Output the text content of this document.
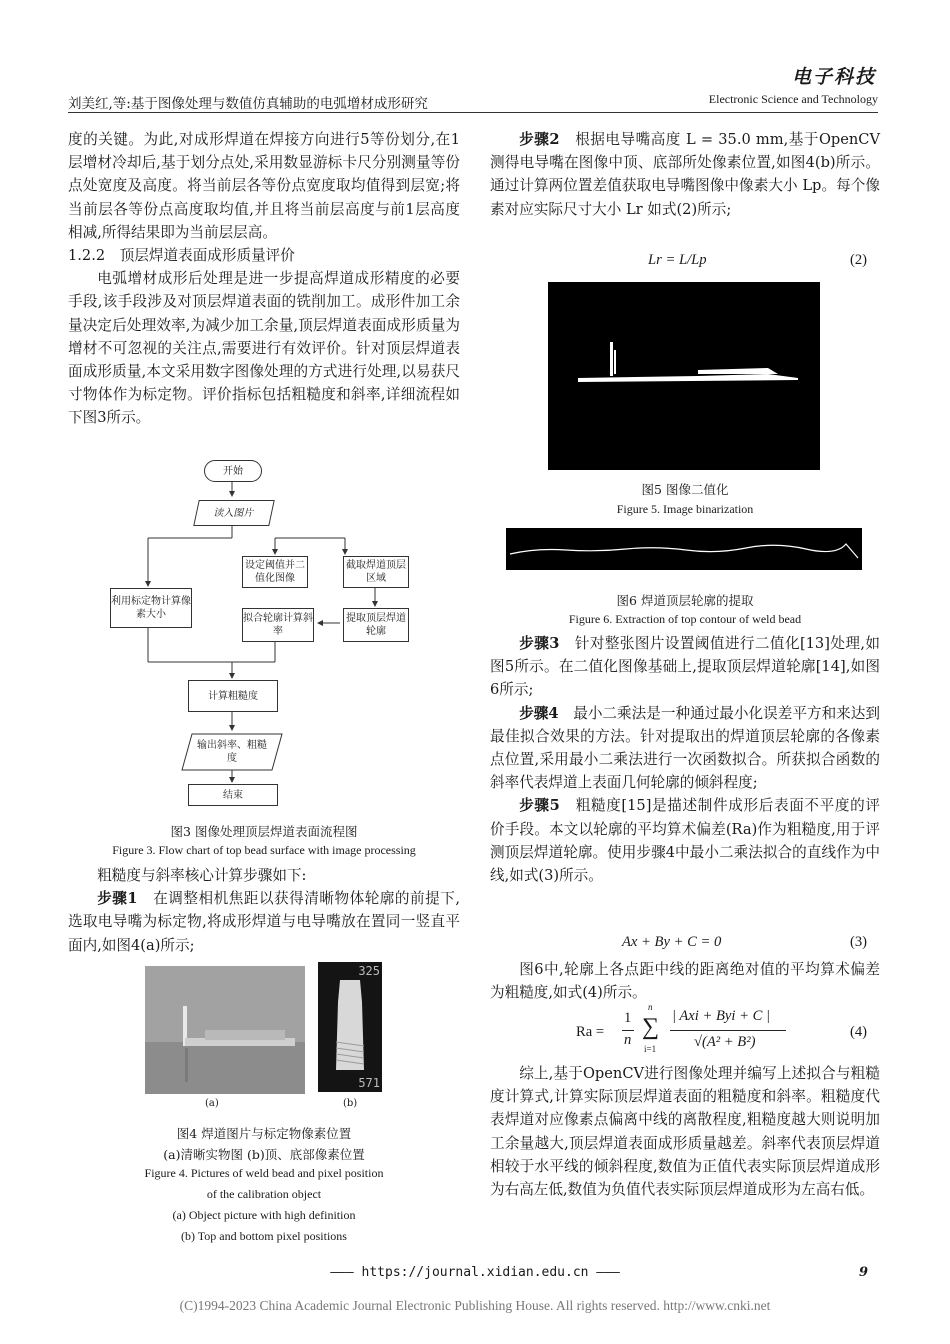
电子科技
刘美红,等:基于图像处理与数值仿真辅助的电弧增材成形研究	Electronic Science and Technology

度的关键。为此,对成形焊道在焊接方向进行5等份划分,在1层增材冷却后,基于划分点处,采用数显游标卡尺分别测量等份点处宽度及高度。将当前层各等份点宽度取均值得到层宽;将当前层各等份点高度取均值,并且将当前层高度与前1层高度相减,所得结果即为当前层层高。

1.2.2　顶层焊道表面成形质量评价

电弧增材成形后处理是进一步提高焊道成形精度的必要手段,该手段涉及对顶层焊道表面的铣削加工。成形件加工余量决定后处理效率,为减少加工余量,顶层焊道表面成形质量为增材不可忽视的关注点,需要进行有效评价。针对顶层焊道表面成形质量,本文采用数字图像处理的方式进行处理,以易获尺寸物体作为标定物。评价指标包括粗糙度和斜率,详细流程如下图3所示。

开始
读入图片
设定阈值并二值化图像
截取焊道顶层区域
利用标定物计算像素大小	拟合轮廓计算斜率
提取顶层焊道轮廓
计算粗糙度
输出斜率、粗糙度
结束
图3 图像处理顶层焊道表面流程图
Figure 3. Flow chart of top bead surface with image processing

粗糙度与斜率核心计算步骤如下:

步骤1　 在调整相机焦距以获得清晰物体轮廓的前提下,选取电导嘴为标定物,将成形焊道与电导嘴放在置同一竖直平面内,如图4(a)所示;

325
571
(a)	(b)
图4 焊道图片与标定物像素位置
(a)清晰实物图 (b)顶、底部像素位置
Figure 4. Pictures of weld bead and pixel position
of the calibration object
(a) Object picture with high definition
(b) Top and bottom pixel positions

步骤2　 根据电导嘴高度 L = 35.0 mm,基于OpenCV测得电导嘴在图像中顶、底部所处像素位置,如图4(b)所示。通过计算两位置差值获取电导嘴图像中像素大小 Lp。每个像素对应实际尺寸大小 Lr 如式(2)所示;

Lr = L/Lp	(2)
图5 图像二值化
Figure 5. Image binarization
图6 焊道顶层轮廓的提取
Figure 6. Extraction of top contour of weld bead

步骤3　 针对整张图片设置阈值进行二值化[13]处理,如图5所示。在二值化图像基础上,提取顶层焊道轮廓[14],如图6所示;

步骤4　 最小二乘法是一种通过最小化误差平方和来达到最佳拟合效果的方法。针对提取出的焊道顶层轮廓的各像素点位置,采用最小二乘法进行一次函数拟合。所获拟合函数的斜率代表焊道上表面几何轮廓的倾斜程度;

步骤5　 粗糙度[15]是描述制件成形后表面不平度的评价手段。本文以轮廓的平均算术偏差(Ra)作为粗糙度,用于评测顶层焊道轮廓。使用步骤4中最小二乘法拟合的直线作为中线,如式(3)所示。

Ax + By + C = 0	(3)

图6中,轮廓上各点距中线的距离绝对值的平均算术偏差为粗糙度,如式(4)所示。

Ra =
1
n
n
∑
i=1
| Axi + Byi + C |
√(A² + B²)
(4)

综上,基于OpenCV进行图像处理并编写上述拟合与粗糙度计算式,计算实际顶层焊道表面的粗糙度和斜率。粗糙度代表焊道对应像素点偏离中线的离散程度,粗糙度越大则说明加工余量越大,顶层焊道表面成形质量越差。斜率代表顶层焊道相较于水平线的倾斜程度,数值为正值代表实际顶层焊道成形为右高左低,数值为负值代表实际顶层焊道成形为左高右低。

——— https://journal.xidian.edu.cn ———	9
(C)1994-2023 China Academic Journal Electronic Publishing House. All rights reserved. http://www.cnki.net
